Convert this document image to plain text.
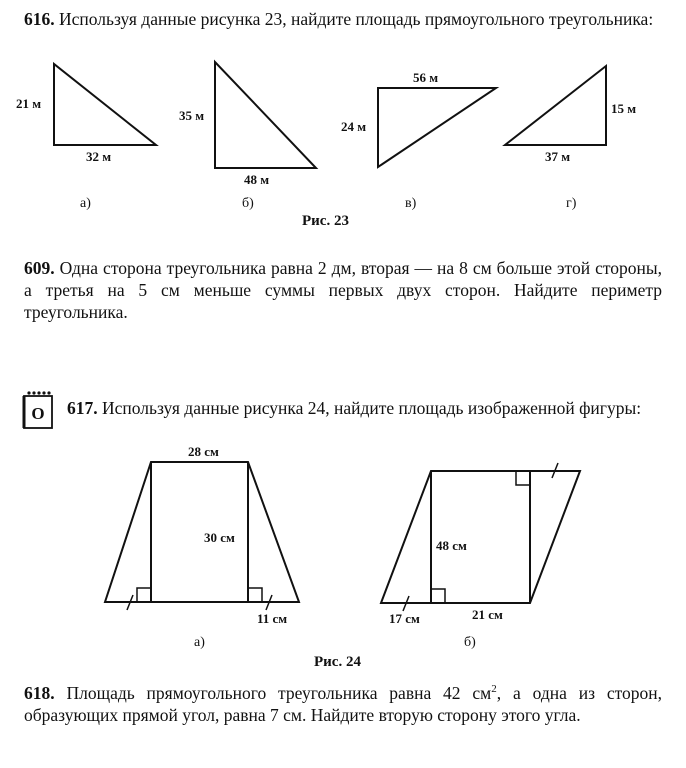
616. Используя данные рисунка 23, найдите площадь прямоугольного треугольника:
21 м
32 м
35 м
48 м
24 м
56 м
15 м
37 м
а)	б)	в)	г)
Рис. 23
28 см
30 см
11 см
48 см
17 см	21 см
а)	б)
Рис. 24
О
609. Одна сторона треугольника равна 2 дм, вторая — на 8 см больше этой стороны, а третья на 5 см меньше суммы первых двух сторон. Найдите периметр треугольника.
617. Используя данные рисунка 24, найдите площадь изображенной фигуры:
618. Площадь прямоугольного треугольника равна 42 $см^2$, а одна из сторон, образующих прямой угол, равна 7 см. Найдите вторую сторону этого угла.
